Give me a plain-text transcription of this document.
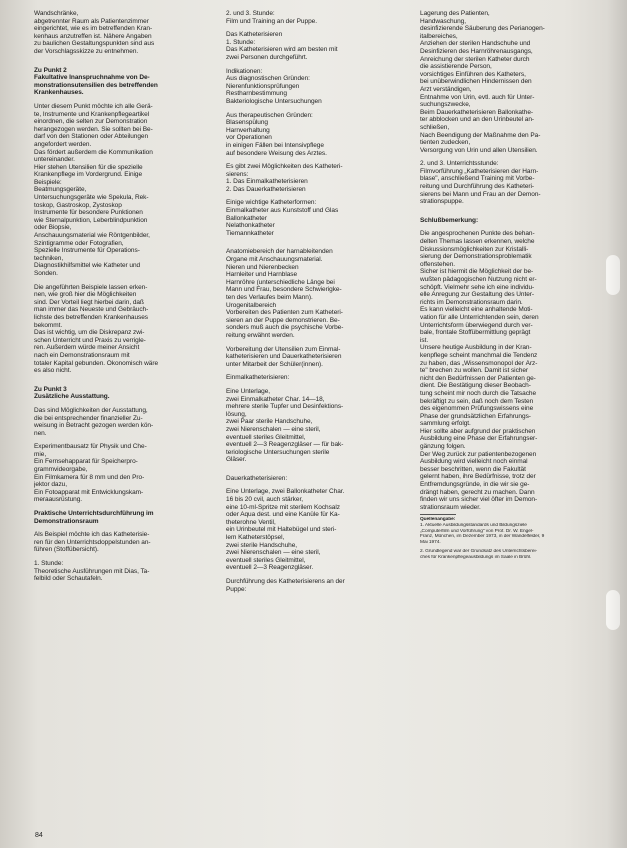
Wandschränke,
abgetrennter Raum als Patientenzimmer
eingerichtet, wie es im betreffenden Kran-
kenhaus anzutreffen ist. Nähere Angaben
zu baulichen Gestaltungspunkten sind aus
der Vorschlagsskizze zu entnehmen.
Zu Punkt 2
Fakultative Inanspruchnahme von De-
monstrationsutensilien des betreffenden
Krankenhauses.
Unter diesem Punkt möchte ich alle Gerä-
te, Instrumente und Krankenpflegeartikel
einordnen, die selten zur Demonstration
herangezogen werden. Sie sollten bei Be-
darf von den Stationen oder Abteilungen
angefordert werden.
Das fördert außerdem die Kommunikation
untereinander.
Hier stehen Utensilien für die spezielle
Krankenpflege im Vordergrund. Einige
Beispiele:
Beatmungsgeräte,
Untersuchungsgeräte wie Spekula, Rek-
toskop, Gastroskop, Zystoskop
Instrumente für besondere Punktionen
wie Sternalpunktion, Leberblindpunktion
oder Biopsie,
Anschauungsmaterial wie Röntgenbilder,
Szintigramme oder Fotografien,
Spezielle Instrumente für Operations-
techniken,
Diagnostikhilfsmittel wie Katheter und
Sonden.
Die angeführten Beispiele lassen erken-
nen, wie groß hier die Möglichkeiten
sind. Der Vorteil liegt hierbei darin, daß
man immer das Neueste und Gebräuch-
lichste des betreffenden Krankenhauses
bekommt.
Das ist wichtig, um die Diskrepanz zwi-
schen Unterricht und Praxis zu verrigle-
ren. Außerdem würde meiner Ansicht
nach ein Demonstrationsraum mit
totaler Kapital gebunden. Ökonomisch wäre
es also nicht.
Zu Punkt 3
Zusätzliche Ausstattung.
Das sind Möglichkeiten der Ausstattung,
die bei entsprechender finanzieller Zu-
weisung in Betracht gezogen werden kön-
nen.
Experimentbausatz für Physik und Che-
mie,
Ein Fernsehapparat für Speicherpro-
grammvideorgabe,
Ein Filmkamera für 8 mm und den Pro-
jektor dazu,
Ein Fotoapparat mit Entwicklungskam-
meraausrüstung.
Praktische Unterrichtsdurchführung im
Demonstrationsraum
Als Beispiel möchte ich das Katheterisie-
ren für den Unterrichtsdoppelstunden an-
führen (Stoffübersicht).
1. Stunde:
Theoretische Ausführungen mit Dias, Ta-
felbild oder Schautafeln.
2. und 3. Stunde:
Film und Training an der Puppe.
Das Katheterisieren
1. Stunde:
Das Katheterisieren wird am besten mit
zwei Personen durchgeführt.
Indikationen:
Aus diagnostischen Gründen:
Nierenfunktionsprüfungen
Restharnbestimmung
Bakteriologische Untersuchungen
Aus therapeutischen Gründen:
Blasenspülung
Harnverhaltung
vor Operationen
in einigen Fällen bei Intensivpflege
auf besondere Weisung des Arztes.
Es gibt zwei Möglichkeiten des Katheteri-
sierens:
1. Das Einmalkatheterisieren
2. Das Dauerkatheterisieren
Einige wichtige Katheterformen:
Einmalkatheter aus Kunststoff und Glas
Ballonkatheter
Nelathonkatheter
Tiemannkatheter
Anatomiebereich der harnableitenden
Organe mit Anschauungsmaterial.
Nieren und Nierenbecken
Harnleiter und Harnblase
Harnröhre (unterschiedliche Länge bei
Mann und Frau, besondere Schwierigke-
ten des Verlaufes beim Mann).
Urogenitalbereich
Vorbereiten des Patienten zum Katheteri-
sieren an der Puppe demonstrieren. Be-
sonders muß auch die psychische Vorbe-
reitung erwähnt werden.
Vorbereitung der Utensilien zum Einmal-
katheterisieren und Dauerkatheterisieren
unter Mitarbeit der Schüler(innen).
Einmalkatheterisieren:
Eine Unterlage,
zwei Einmalkatheter Char. 14—18,
mehrere sterile Tupfer und Desinfektions-
lösung,
zwei Paar sterile Handschuhe,
zwei Nierenschalen — eine steril,
eventuell steriles Gleitmittel,
eventuell 2—3 Reagenzgläser — für bak-
teriologische Untersuchungen sterile
Gläser.
Dauerkatheterisieren:
Eine Unterlage, zwei Ballonkatheter Char.
16 bis 20 cvil, auch stärker,
eine 10-ml-Spritze mit sterilem Kochsalz
oder Aqua dest. und eine Kanüle für Ka-
theterohne Ventil,
ein Urinbeutel mit Haltebügel und steri-
lem Katheterstöpsel,
zwei sterile Handschuhe,
zwei Nierenschalen — eine steril,
eventuell steriles Gleitmittel,
eventuell 2—3 Reagenzgläser.
Durchführung des Katheterisierens an der
Puppe:
Lagerung des Patienten,
Handwaschung,
desinfizierende Säuberung des Perianogen-
italbereiches,
Anziehen der sterilen Handschuhe und
Desinfizieren des Harnröhrenausgangs,
Anreichung der sterilen Katheter durch
die assistierende Person,
vorsichtiges Einführen des Katheters,
bei unüberwindlichen Hindernissen den
Arzt verständigen,
Entnahme von Urin, evtl. auch für Unter-
suchungszwecke,
Beim Dauerkatheterisieren Ballonkathe-
ter abblocken und an den Urinbeutel an-
schließen,
Nach Beendigung der Maßnahme den Pa-
tienten zudecken,
Versorgung von Urin und allen Utensilien.
2. und 3. Unterrichtsstunde:
Filmvorführung „Katheterisieren der Harn-
blase", anschließend Training mit Vorbe-
reitung und Durchführung des Katheteri-
sierens bei Mann und Frau an der Demon-
strationspuppe.
Schlußbemerkung:
Die angesprochenen Punkte des behan-
delten Themas lassen erkennen, welche
Diskussionsmöglichkeiten zur Kristalli-
sierung der Demonstrationsproblematik
offenstehen.
Sicher ist hiermit die Möglichkeit der be-
wußten pädagogischen Nutzung nicht er-
schöpft. Vielmehr sehe ich eine individu-
elle Anregung zur Gestaltung des Unter-
richts im Demonstrationsraum darin.
Es kann vielleicht eine anhaltende Moti-
vation für alle Unterrichtenden sein, deren
Unterrichtsform überwiegend durch ver-
bale, frontale Stoffübermittlung geprägt
ist.
Unsere heutige Ausbildung in der Kran-
kenpflege scheint manchmal die Tendenz
zu haben, das „Wissensmonopol der Ärz-
te" brechen zu wollen. Damit ist sicher
nicht den Bedürfnissen der Patienten ge-
dient. Die Bestätigung dieser Beobach-
tung scheint mir noch durch die Tatsache
bekräftigt zu sein, daß noch dem Testen
des eigenommen Prüfungswissens eine
Phase der grundsätzlichen Erfahrungs-
sammlung erfolgt.
Hier sollte aber aufgrund der praktischen
Ausbildung eine Phase der Erfahrungser-
gänzung folgen.
Der Weg zurück zur patientenbezogenen
Ausbildung wird vielleicht noch einmal
besser beschritten, wenn die Fakultät
gelernt haben, ihre Bedürfnisse, trotz der
Entfremdungsgründe, in die wir sie ge-
drängt haben, gerecht zu machen. Dann
finden wir uns sicher viel öfter im Demon-
strationsraum wieder.
Quellenangabe:
1. Aktuelle Ausbildungsstandards und Bildungsziele
„Computerfilm und Vorführung" von Prof. Dr. W. Engel-
Franz, München, im Dezember 1973, in der Wandelfelder, 9
Mai 1974.
2. Grundlegend war der Grundsatz des Unterrichtsberei-
ches für Krankenpflegeausbildungs im Saale in Brühl.
84
